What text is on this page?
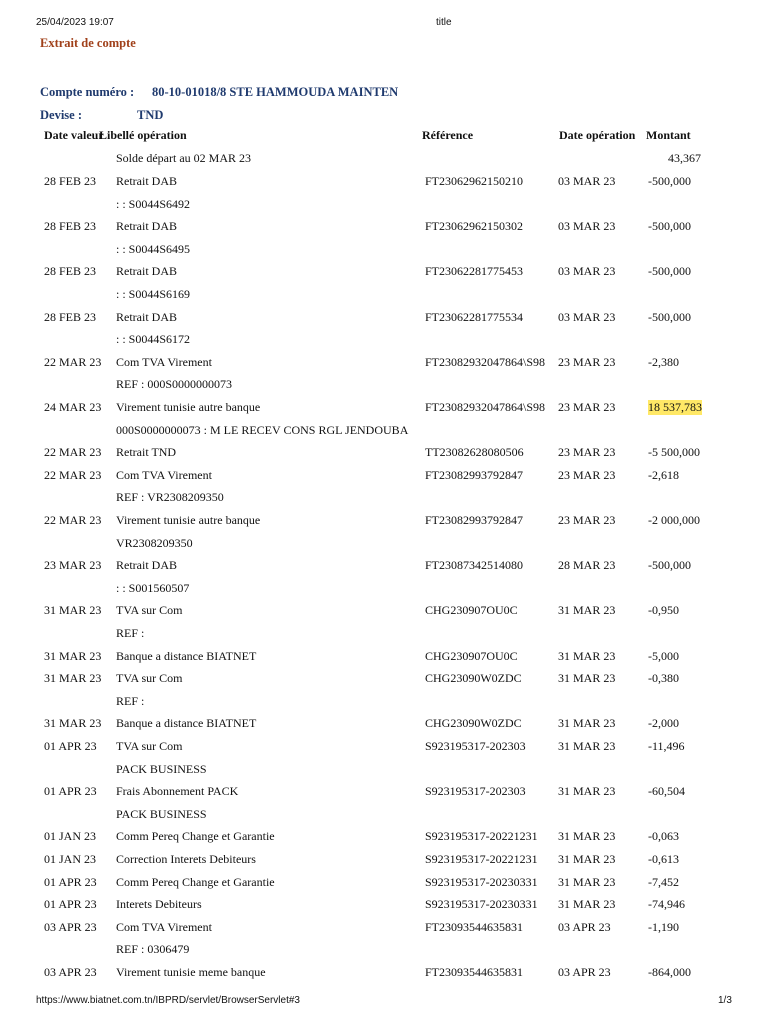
25/04/2023 19:07	title
Extrait de compte
Compte numéro : 80-10-01018/8 STE HAMMOUDA MAINTEN
Devise :	TND
Date valeur
Libellé opération	Référence	Date opération Montant
Solde départ au 02 MAR 23	43,367
28 FEB 23 Retrait DAB	FT23062962150210	03 MAR 23	-500,000
: : S0044S6492
28 FEB 23 Retrait DAB	FT23062962150302	03 MAR 23	-500,000
: : S0044S6495
28 FEB 23 Retrait DAB	FT23062281775453	03 MAR 23	-500,000
: : S0044S6169
28 FEB 23 Retrait DAB	FT23062281775534	03 MAR 23	-500,000
: : S0044S6172
22 MAR 23 Com TVA Virement	FT23082932047864\S98 23 MAR 23	-2,380
REF : 000S0000000073
24 MAR 23 Virement tunisie autre banque	FT23082932047864\S98 23 MAR 23	18 537,783
000S0000000073 : M LE RECEV CONS RGL JENDOUBA
22 MAR 23 Retrait TND	TT23082628080506	23 MAR 23	-5 500,000
22 MAR 23 Com TVA Virement	FT23082993792847	23 MAR 23	-2,618
REF : VR2308209350
22 MAR 23 Virement tunisie autre banque	FT23082993792847	23 MAR 23	-2 000,000
VR2308209350
23 MAR 23 Retrait DAB	FT23087342514080	28 MAR 23	-500,000
: : S001560507
31 MAR 23 TVA sur Com	CHG230907OU0C	31 MAR 23	-0,950
REF :
31 MAR 23 Banque a distance BIATNET	CHG230907OU0C	31 MAR 23	-5,000
31 MAR 23 TVA sur Com	CHG23090W0ZDC	31 MAR 23	-0,380
REF :
31 MAR 23 Banque a distance BIATNET	CHG23090W0ZDC	31 MAR 23	-2,000
01 APR 23 TVA sur Com	S923195317-202303	31 MAR 23	-11,496
PACK BUSINESS
01 APR 23 Frais Abonnement PACK	S923195317-202303	31 MAR 23	-60,504
PACK BUSINESS
01 JAN 23 Comm Pereq Change et Garantie	S923195317-20221231 31 MAR 23	-0,063
01 JAN 23 Correction Interets Debiteurs	S923195317-20221231 31 MAR 23	-0,613
01 APR 23 Comm Pereq Change et Garantie	S923195317-20230331 31 MAR 23	-7,452
01 APR 23 Interets Debiteurs	S923195317-20230331 31 MAR 23	-74,946
03 APR 23 Com TVA Virement	FT23093544635831	03 APR 23	-1,190
REF : 0306479
03 APR 23 Virement tunisie meme banque	FT23093544635831	03 APR 23	-864,000
https://www.biatnet.com.tn/IBPRD/servlet/BrowserServlet#3	1/3
